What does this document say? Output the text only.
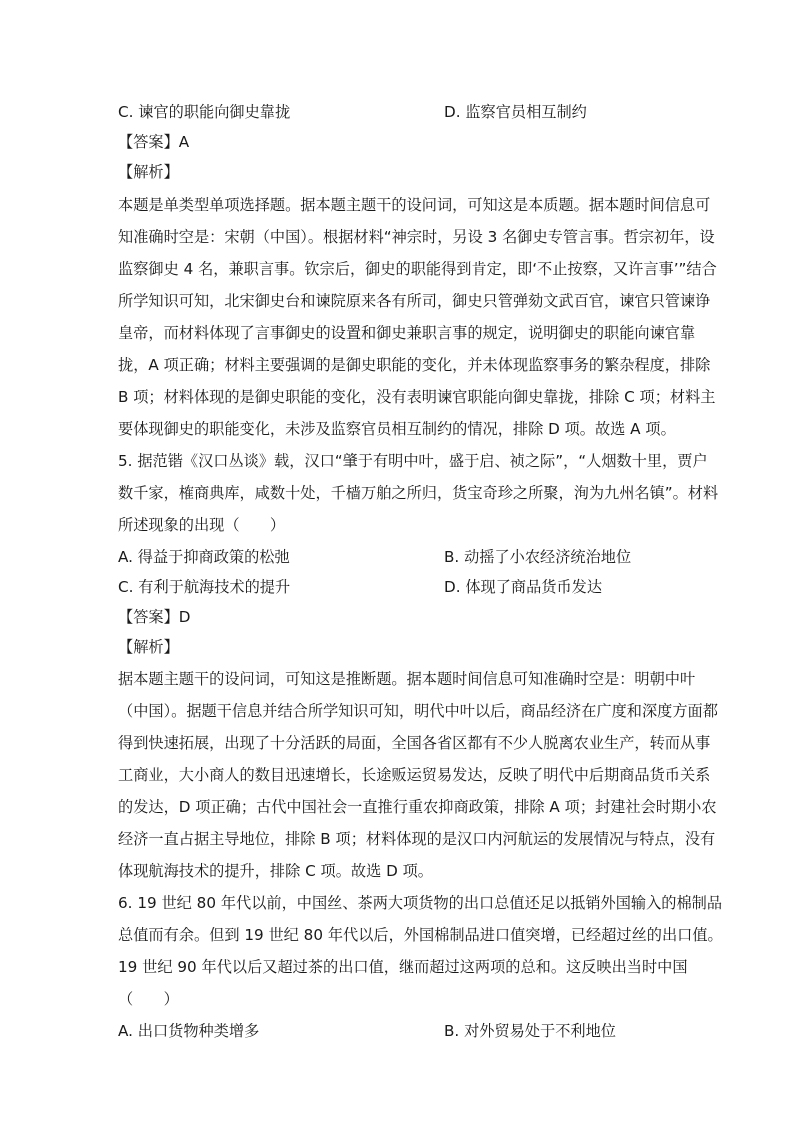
C. 谏官的职能向御史靠拢	D. 监察官员相互制约
【答案】A
【解析】
本题是单类型单项选择题。据本题主题干的设问词，可知这是本质题。据本题时间信息可
知准确时空是：宋朝（中国）。根据材料“神宗时，另设 3 名御史专管言事。哲宗初年，设
监察御史 4 名，兼职言事。钦宗后，御史的职能得到肯定，即‘不止按察，又许言事’”结合
所学知识可知，北宋御史台和谏院原来各有所司，御史只管弹劾文武百官，谏官只管谏诤
皇帝，而材料体现了言事御史的设置和御史兼职言事的规定，说明御史的职能向谏官靠
拢，A 项正确；材料主要强调的是御史职能的变化，并未体现监察事务的繁杂程度，排除
B 项；材料体现的是御史职能的变化，没有表明谏官职能向御史靠拢，排除 C 项；材料主
要体现御史的职能变化，未涉及监察官员相互制约的情况，排除 D 项。故选 A 项。
5. 据范锴《汉口丛谈》载，汉口“肇于有明中叶，盛于启、祯之际”，“人烟数十里，贾户
数千家，榷商典库，咸数十处，千樯万舶之所归，货宝奇珍之所聚，洵为九州名镇”。材料
所述现象的出现（　　）
A. 得益于抑商政策的松弛	B. 动摇了小农经济统治地位
C. 有利于航海技术的提升	D. 体现了商品货币发达
【答案】D
【解析】
据本题主题干的设问词，可知这是推断题。据本题时间信息可知准确时空是：明朝中叶
（中国）。据题干信息并结合所学知识可知，明代中叶以后，商品经济在广度和深度方面都
得到快速拓展，出现了十分活跃的局面，全国各省区都有不少人脱离农业生产，转而从事
工商业，大小商人的数目迅速增长，长途贩运贸易发达，反映了明代中后期商品货币关系
的发达，D 项正确；古代中国社会一直推行重农抑商政策，排除 A 项；封建社会时期小农
经济一直占据主导地位，排除 B 项；材料体现的是汉口内河航运的发展情况与特点，没有
体现航海技术的提升，排除 C 项。故选 D 项。
6. 19 世纪 80 年代以前，中国丝、茶两大项货物的出口总值还足以抵销外国输入的棉制品
总值而有余。但到 19 世纪 80 年代以后，外国棉制品进口值突增，已经超过丝的出口值。
19 世纪 90 年代以后又超过茶的出口值，继而超过这两项的总和。这反映出当时中国
（　　）
A. 出口货物种类增多	B. 对外贸易处于不利地位
